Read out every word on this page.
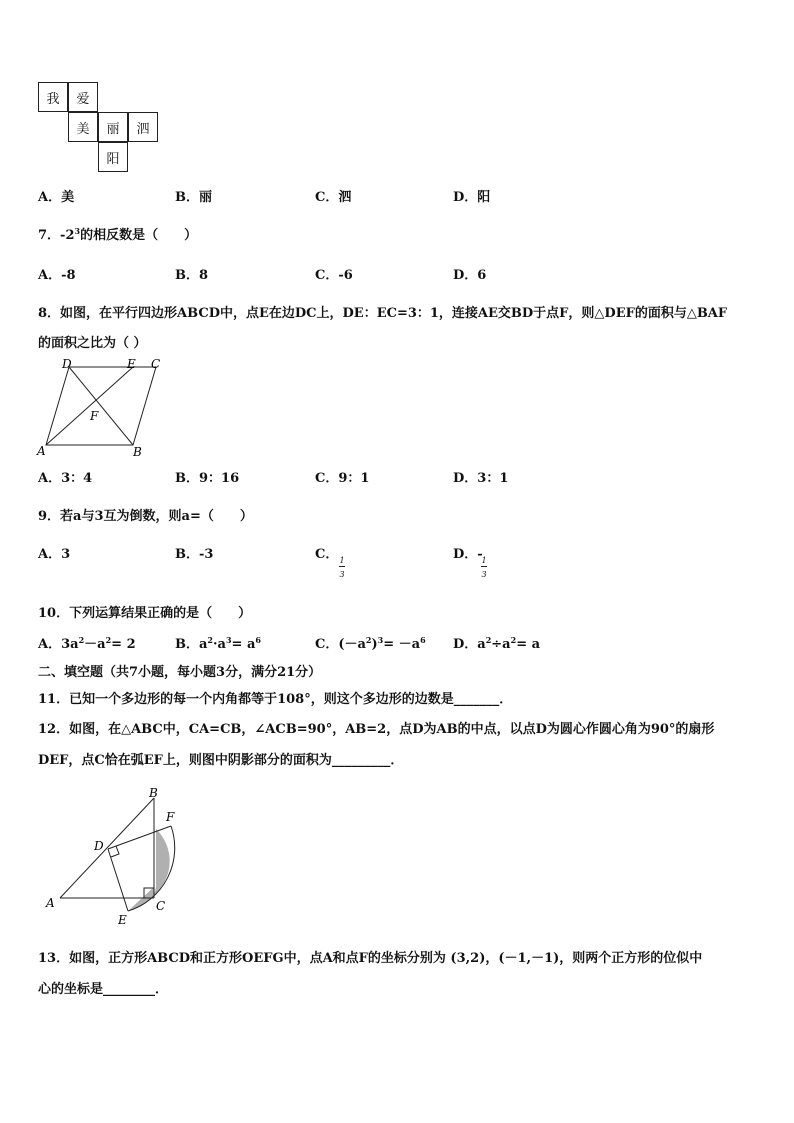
我	爱
美	丽	泗
阳
A．美	B．丽	C．泗	D．阳
7．$-2^3$的相反数是（　　）
A．-8	B．8	C．-6	D．6
8．如图，在平行四边形ABCD中，点E在边DC上，DE：EC=3：1，连接AE交BD于点F，则△DEF的面积与△BAF
的面积之比为（ ）
D	E C
F
A	B
A．3：4	B．9：16	C．9：1	D．3：1
9．若a与3互为倒数，则a=（　　）
A．3	B．-3	C． 1
3
D．-
1
3
10．下列运算结果正确的是（　　）
A．$3a^2-a^2= 2$	B．$a^2\cdot a^3= a^6$	C．$(-a^2)^3= -a^6$ D．$a^2\div a^2= a$
二、填空题（共7小题，每小题3分，满分21分）
11．已知一个多边形的每一个内角都等于108°，则这个多边形的边数是_______．
12．如图，在△ABC中，CA=CB，∠ACB=90°，AB=2，点D为AB的中点，以点D为圆心作圆心角为90°的扇形
DEF，点C恰在弧EF上，则图中阴影部分的面积为_________．
B
F
D
A
E
C
13．如图，正方形ABCD和正方形OEFG中，点A和点F的坐标分别为 (3,2)，(－1,－1)，则两个正方形的位似中
心的坐标是________．
